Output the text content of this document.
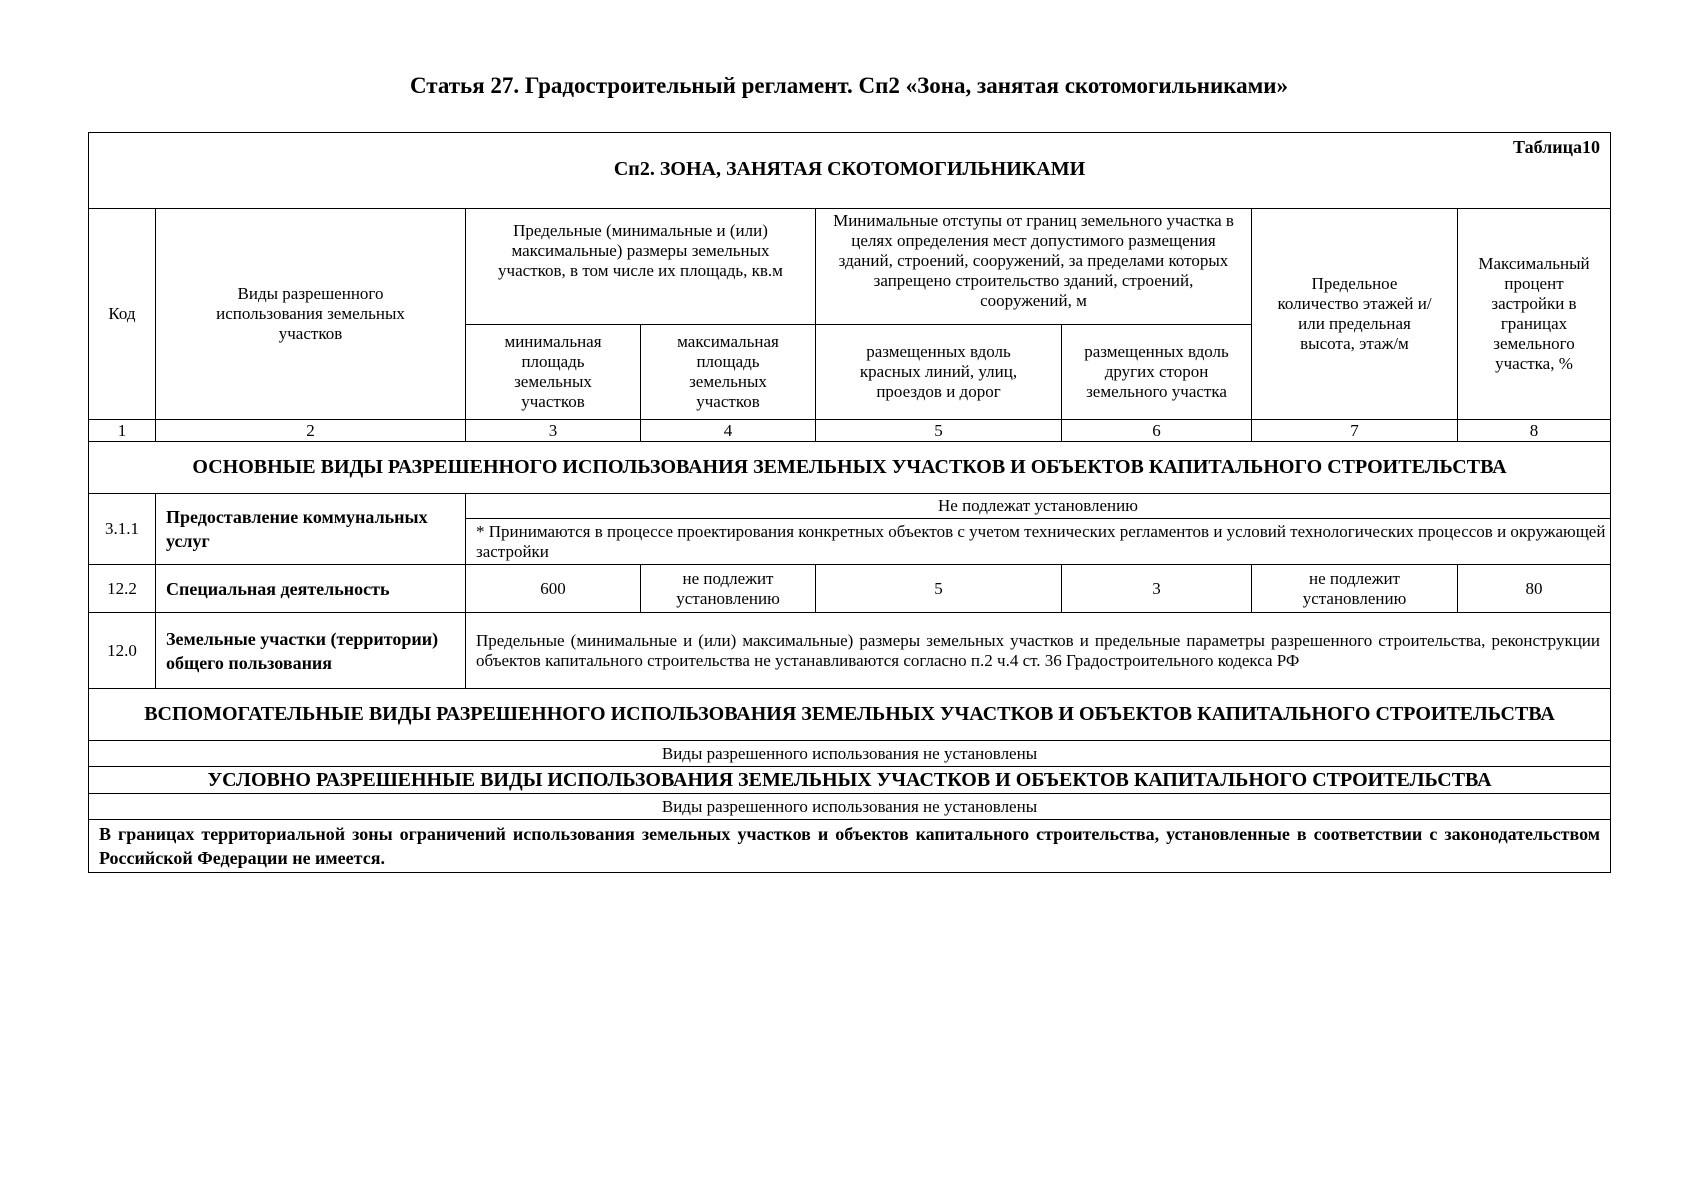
Статья 27. Градостроительный регламент. Сп2 «Зона, занятая скотомогильниками»
Таблица10
Сп2. ЗОНА, ЗАНЯТАЯ СКОТОМОГИЛЬНИКАМИ							

Код	Виды разрешенного использования земельных участков	Предельные (минимальные и (или) максимальные) размеры земельных участков, в том числе их площадь, кв.м		Минимальные отступы от границ земельного участка в целях определения мест допустимого размещения зданий, строений, сооружений, за пределами которых запрещено строительство зданий, строений, сооружений, м		Предельное количество этажей и/или предельная высота, этаж/м	Максимальный процент застройки в границах земельного участка, %
		минимальная площадь земельных участков	максимальная площадь земельных участков	размещенных вдоль красных линий, улиц, проездов и дорог	размещенных вдоль других сторон земельного участка		
1	2	3	4	5	6	7	8
ОСНОВНЫЕ ВИДЫ РАЗРЕШЕННОГО ИСПОЛЬЗОВАНИЯ ЗЕМЕЛЬНЫХ УЧАСТКОВ И ОБЪЕКТОВ КАПИТАЛЬНОГО СТРОИТЕЛЬСТВА							
3.1.1	Предоставление коммунальных услуг	Не подлежат установлению					
		* Принимаются в процессе проектирования конкретных объектов с учетом технических регламентов и условий технологических процессов и окружающей застройки					
12.2	Специальная деятельность	600	не подлежит установлению	5	3	не подлежит установлению	80
12.0	Земельные участки (территории) общего пользования	Предельные (минимальные и (или) максимальные) размеры земельных участков и предельные параметры разрешенного строительства, реконструкции объектов капитального строительства не устанавливаются согласно п.2 ч.4 ст. 36 Градостроительного кодекса РФ					
ВСПОМОГАТЕЛЬНЫЕ ВИДЫ РАЗРЕШЕННОГО ИСПОЛЬЗОВАНИЯ ЗЕМЕЛЬНЫХ УЧАСТКОВ И ОБЪЕКТОВ КАПИТАЛЬНОГО СТРОИТЕЛЬСТВА							
Виды разрешенного использования не установлены							
УСЛОВНО РАЗРЕШЕННЫЕ ВИДЫ ИСПОЛЬЗОВАНИЯ ЗЕМЕЛЬНЫХ УЧАСТКОВ И ОБЪЕКТОВ КАПИТАЛЬНОГО СТРОИТЕЛЬСТВА							
Виды разрешенного использования не установлены							
В границах территориальной зоны ограничений использования земельных участков и объектов капитального строительства, установленные в соответствии с законодательством Российской Федерации не имеется.							
